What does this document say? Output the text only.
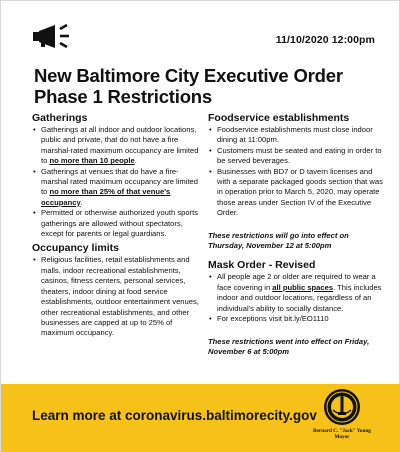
11/10/2020 12:00pm
New Baltimore City Executive Order Phase 1 Restrictions
Gatherings
• Gatherings at all indoor and outdoor locations, public and private, that do not have a fire marshal-rated maximum occupancy are limited to no more than 10 people.
• Gatherings at venues that do have a fire-marshal rated maximum occupancy are limited to no more than 25% of that venue's occupancy.
• Permitted or otherwise authorized youth sports gatherings are allowed without spectators, except for parents or legal guardians.
Occupancy limits
• Religious facilities, retail establishments and malls, indoor recreational establishments, casinos, fitness centers, personal services, theaters, indoor dining at food service establishments, outdoor entertainment venues, other recreational establishments, and other businesses are capped at up to 25% of maximum occupancy.
Foodservice establishments
• Foodservice establishments must close indoor dining at 11:00pm.
• Customers must be seated and eating in order to be served beverages.
• Businesses with BD7 or D tavern licenses and with a separate packaged goods section that was in operation prior to March 5, 2020, may operate those areas under Section IV of the Executive Order.

These restrictions will go into effect on Thursday, November 12 at 5:00pm

Mask Order - Revised
• All people age 2 or older are required to wear a face covering in all public spaces. This includes indoor and outdoor locations, regardless of an individual's ability to socially distance.
• For exceptions visit bit.ly/EO1110

These restrictions went into effect on Friday, November 6 at 5:00pm

Learn more at coronavirus.baltimorecity.gov
Bernard C. "Jack" Young
Mayor
